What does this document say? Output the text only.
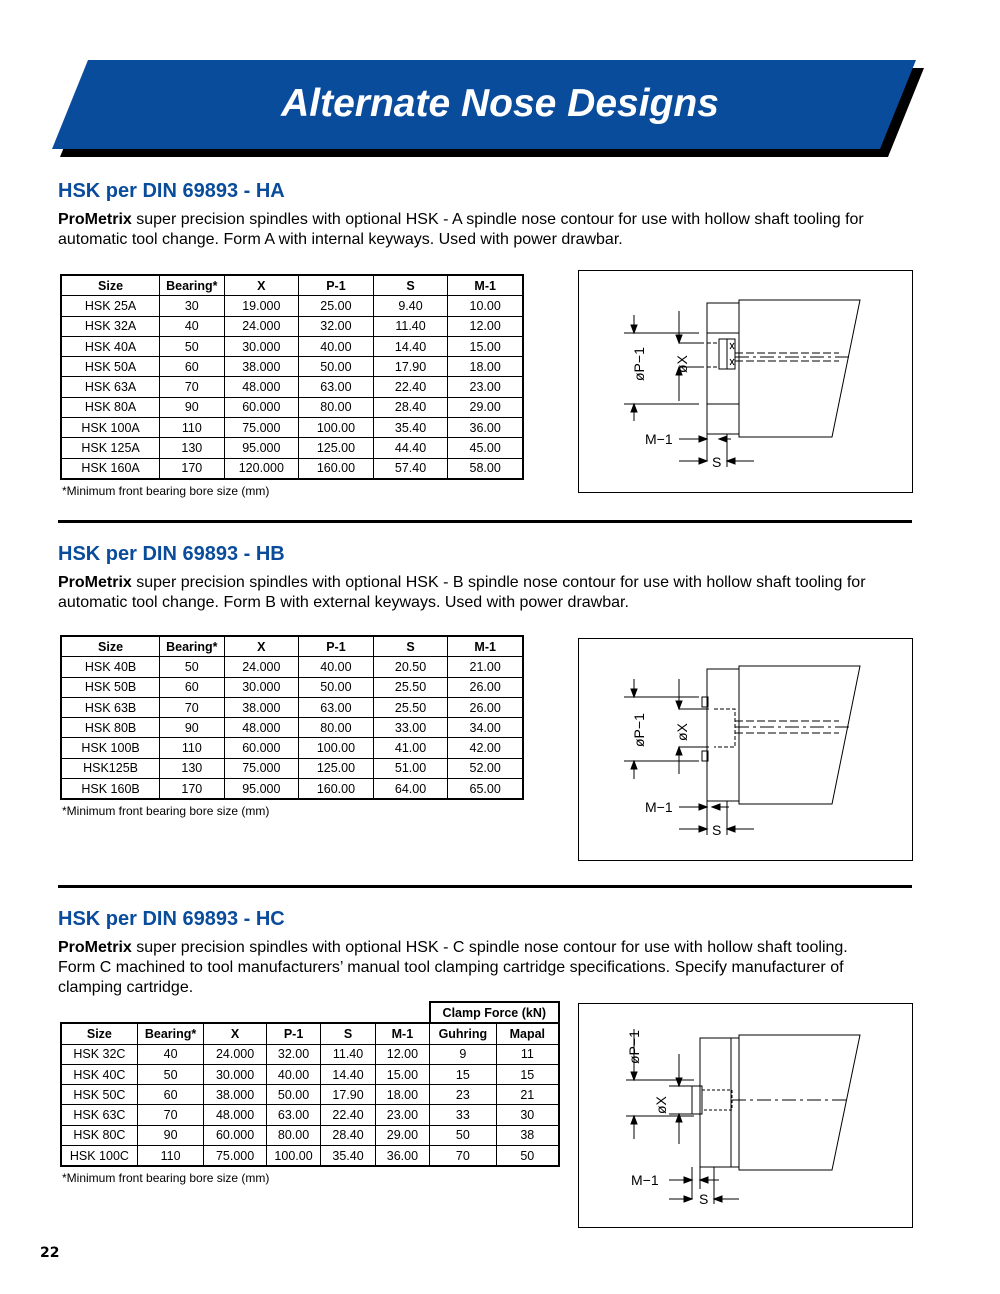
Alternate Nose Designs
HSK per DIN 69893 - HA
ProMetrix super precision spindles with optional HSK - A spindle nose contour for use with hollow shaft tooling for automatic tool change. Form A with internal keyways. Used with power drawbar.
Size	Bearing*	X	P-1	S	M-1
HSK 25A	30	19.000	25.00	9.40	10.00
HSK 32A	40	24.000	32.00	11.40	12.00
HSK 40A	50	30.000	40.00	14.40	15.00
HSK 50A	60	38.000	50.00	17.90	18.00
HSK 63A	70	48.000	63.00	22.40	23.00
HSK 80A	90	60.000	80.00	28.40	29.00
HSK 100A	110	75.000	100.00	35.40	36.00
HSK 125A	130	95.000	125.00	44.40	45.00
HSK 160A	170	120.000	160.00	57.40	58.00
*Minimum front bearing bore size (mm)
øP−1 øX
M−1
S
HSK per DIN 69893 - HB
ProMetrix super precision spindles with optional HSK - B spindle nose contour for use with hollow shaft tooling for automatic tool change. Form B with external keyways. Used with power drawbar.
Size	Bearing*	X	P-1	S	M-1
HSK 40B	50	24.000	40.00	20.50	21.00
HSK 50B	60	30.000	50.00	25.50	26.00
HSK 63B	70	38.000	63.00	25.50	26.00
HSK 80B	90	48.000	80.00	33.00	34.00
HSK 100B	110	60.000	100.00	41.00	42.00
HSK125B	130	75.000	125.00	51.00	52.00
HSK 160B	170	95.000	160.00	64.00	65.00
*Minimum front bearing bore size (mm)
øP−1 øX
M−1
S
HSK per DIN 69893 - HC
ProMetrix super precision spindles with optional HSK - C spindle nose contour for use with hollow shaft tooling. Form C machined to tool manufacturers’ manual tool clamping cartridge specifications. Specify manufacturer of clamping cartridge.
						Clamp Force (kN)	
Size	Bearing*	X	P-1	S	M-1	Guhring	Mapal
HSK 32C	40	24.000	32.00	11.40	12.00	9	11
HSK 40C	50	30.000	40.00	14.40	15.00	15	15
HSK 50C	60	38.000	50.00	17.90	18.00	23	21
HSK 63C	70	48.000	63.00	22.40	23.00	33	30
HSK 80C	90	60.000	80.00	28.40	29.00	50	38
HSK 100C	110	75.000	100.00	35.40	36.00	70	50
*Minimum front bearing bore size (mm)
øP−1
øX
M−1
S
22
